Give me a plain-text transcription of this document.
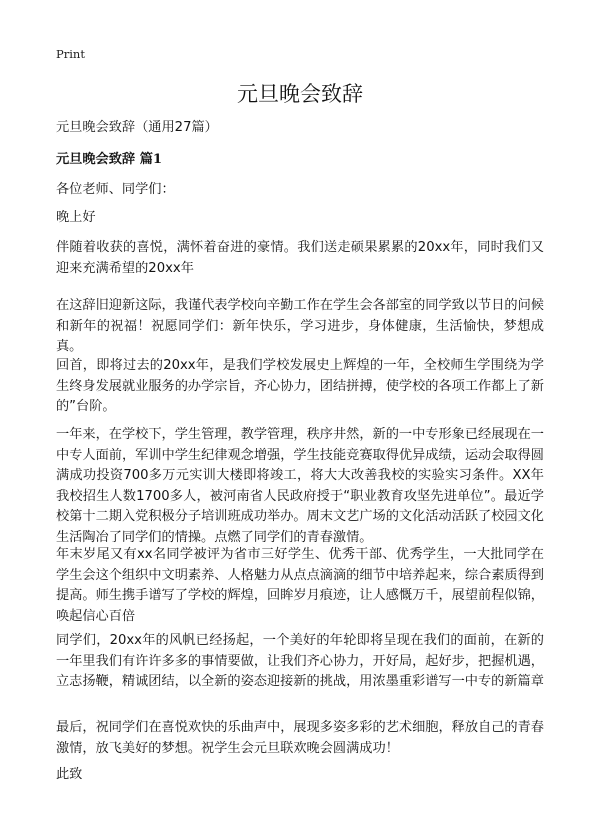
Print
元旦晚会致辞

元旦晚会致辞（通用27篇）

元旦晚会致辞 篇1

各位老师、同学们：

晚上好

伴随着收获的喜悦，满怀着奋进的豪情。我们送走硕果累累的20xx年，同时我们又迎来充满希望的20xx年

在这辞旧迎新这际，我谨代表学校向辛勤工作在学生会各部室的同学致以节日的问候和新年的祝福！祝愿同学们：新年快乐，学习进步，身体健康，生活愉快，梦想成真。

回首，即将过去的20xx年，是我们学校发展史上辉煌的一年，全校师生学围绕为学生终身发展就业服务的办学宗旨，齐心协力，团结拼搏，使学校的各项工作都上了新的”台阶。

一年来，在学校下，学生管理，教学管理，秩序井然，新的一中专形象已经展现在一中专人面前，军训中学生纪律观念增强，学生技能竞赛取得优异成绩，运动会取得圆满成功投资700多万元实训大楼即将竣工，将大大改善我校的实验实习条件。XX年我校招生人数1700多人，被河南省人民政府授于“职业教育攻坚先进单位”。最近学校第十二期入党积极分子培训班成功举办。周末文艺广场的文化活动活跃了校园文化生活陶冶了同学们的情操。点燃了同学们的青春激情。

年末岁尾又有xx名同学被评为省市三好学生、优秀干部、优秀学生，一大批同学在学生会这个组织中文明素养、人格魅力从点点滴滴的细节中培养起来，综合素质得到提高。师生携手谱写了学校的辉煌，回眸岁月痕迹，让人感慨万千，展望前程似锦，唤起信心百倍

同学们，20xx年的风帆已经扬起，一个美好的年轮即将呈现在我们的面前，在新的一年里我们有许许多多的事情要做，让我们齐心协力，开好局，起好步，把握机遇，立志扬鞭，精诚团结，以全新的姿态迎接新的挑战，用浓墨重彩谱写一中专的新篇章

最后，祝同学们在喜悦欢快的乐曲声中，展现多姿多彩的艺术细胞，释放自己的青春激情，放飞美好的梦想。祝学生会元旦联欢晚会圆满成功！

此致
